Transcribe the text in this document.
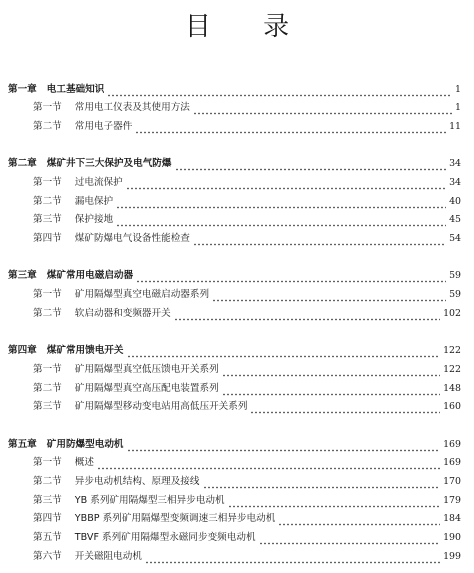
目 录
第一章 电工基础知识	1
第一节 常用电工仪表及其使用方法	1
第二节 常用电子器件	11
第二章 煤矿井下三大保护及电气防爆	34
第一节 过电流保护	34
第二节 漏电保护	40
第三节 保护接地	45
第四节 煤矿防爆电气设备性能检查	54
第三章 煤矿常用电磁启动器	59
第一节 矿用隔爆型真空电磁启动器系列	59
第二节 软启动器和变频器开关	102
第四章 煤矿常用馈电开关	122
第一节 矿用隔爆型真空低压馈电开关系列	122
第二节 矿用隔爆型真空高压配电装置系列	148
第三节 矿用隔爆型移动变电站用高低压开关系列	160
第五章 矿用防爆型电动机	169
第一节 概述	169
第二节 异步电动机结构、原理及接线	170
第三节 YB 系列矿用隔爆型三相异步电动机	179
第四节 YBBP 系列矿用隔爆型变频调速三相异步电动机	184
第五节 TBVF 系列矿用隔爆型永磁同步变频电动机	190
第六节 开关磁阻电动机	199
